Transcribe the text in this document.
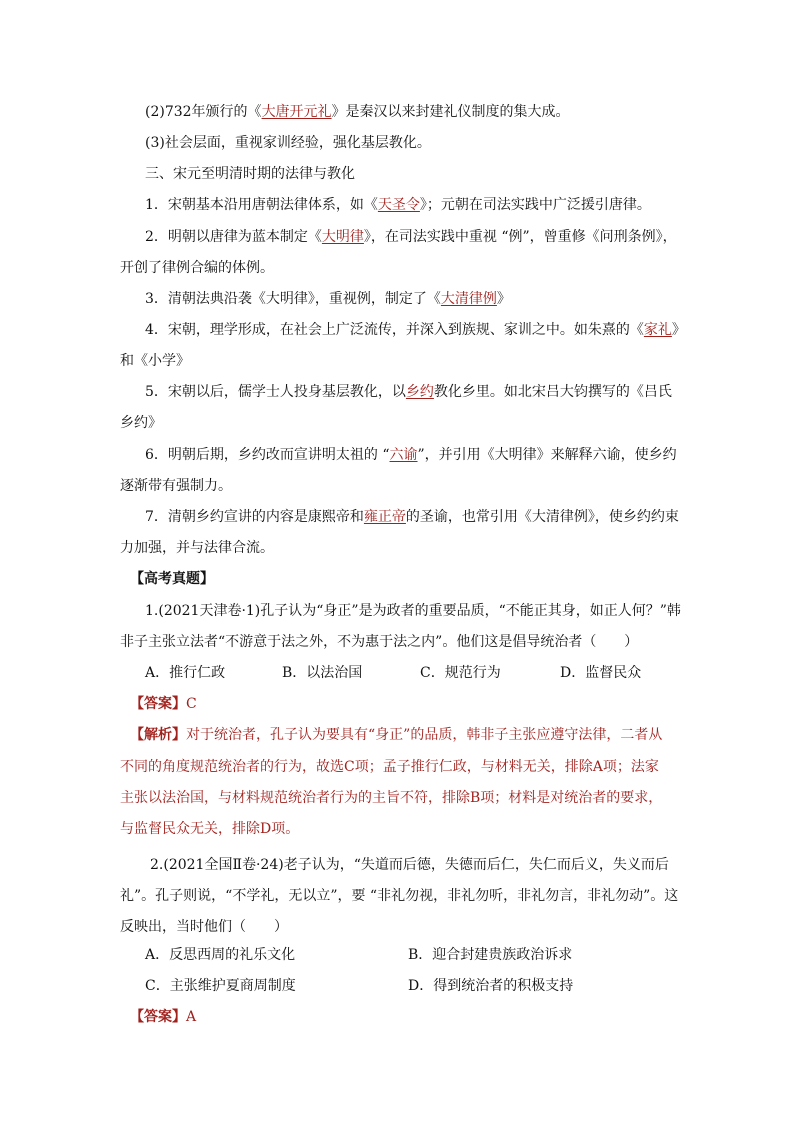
(2)732年颁行的《大唐开元礼》是秦汉以来封建礼仪制度的集大成。
(3)社会层面，重视家训经验，强化基层教化。
三、宋元至明清时期的法律与教化
1．宋朝基本沿用唐朝法律体系，如《天圣令》；元朝在司法实践中广泛援引唐律。
2．明朝以唐律为蓝本制定《大明律》，在司法实践中重视 “例”，曾重修《问刑条例》，
开创了律例合编的体例。
3．清朝法典沿袭《大明律》，重视例，制定了《大清律例》
4．宋朝，理学形成，在社会上广泛流传，并深入到族规、家训之中。如朱熹的《家礼》
和《小学》
5．宋朝以后，儒学士人投身基层教化，以乡约教化乡里。如北宋吕大钧撰写的《吕氏
乡约》
6．明朝后期，乡约改而宣讲明太祖的 “六谕”，并引用《大明律》来解释六谕，使乡约
逐渐带有强制力。
7．清朝乡约宣讲的内容是康熙帝和雍正帝的圣谕，也常引用《大清律例》，使乡约约束
力加强，并与法律合流。
【高考真题】
1.(2021天津卷·1)孔子认为“身正”是为政者的重要品质，“不能正其身，如正人何？”韩
非子主张立法者“不游意于法之外，不为惠于法之内”。他们这是倡导统治者（　　）
A．推行仁政	B．以法治国	C．规范行为	D．监督民众
【答案】C
【解析】对于统治者，孔子认为要具有“身正”的品质，韩非子主张应遵守法律，二者从
不同的角度规范统治者的行为，故选C项；孟子推行仁政，与材料无关，排除A项；法家
主张以法治国，与材料规范统治者行为的主旨不符，排除B项；材料是对统治者的要求，
与监督民众无关，排除D项。
2.(2021全国Ⅱ卷·24)老子认为，“失道而后德，失德而后仁，失仁而后义，失义而后
礼”。孔子则说，“不学礼，无以立”，要 “非礼勿视，非礼勿听，非礼勿言，非礼勿动”。这
反映出，当时他们（　　）
A．反思西周的礼乐文化	B．迎合封建贵族政治诉求
C．主张维护夏商周制度	D．得到统治者的积极支持
【答案】A
